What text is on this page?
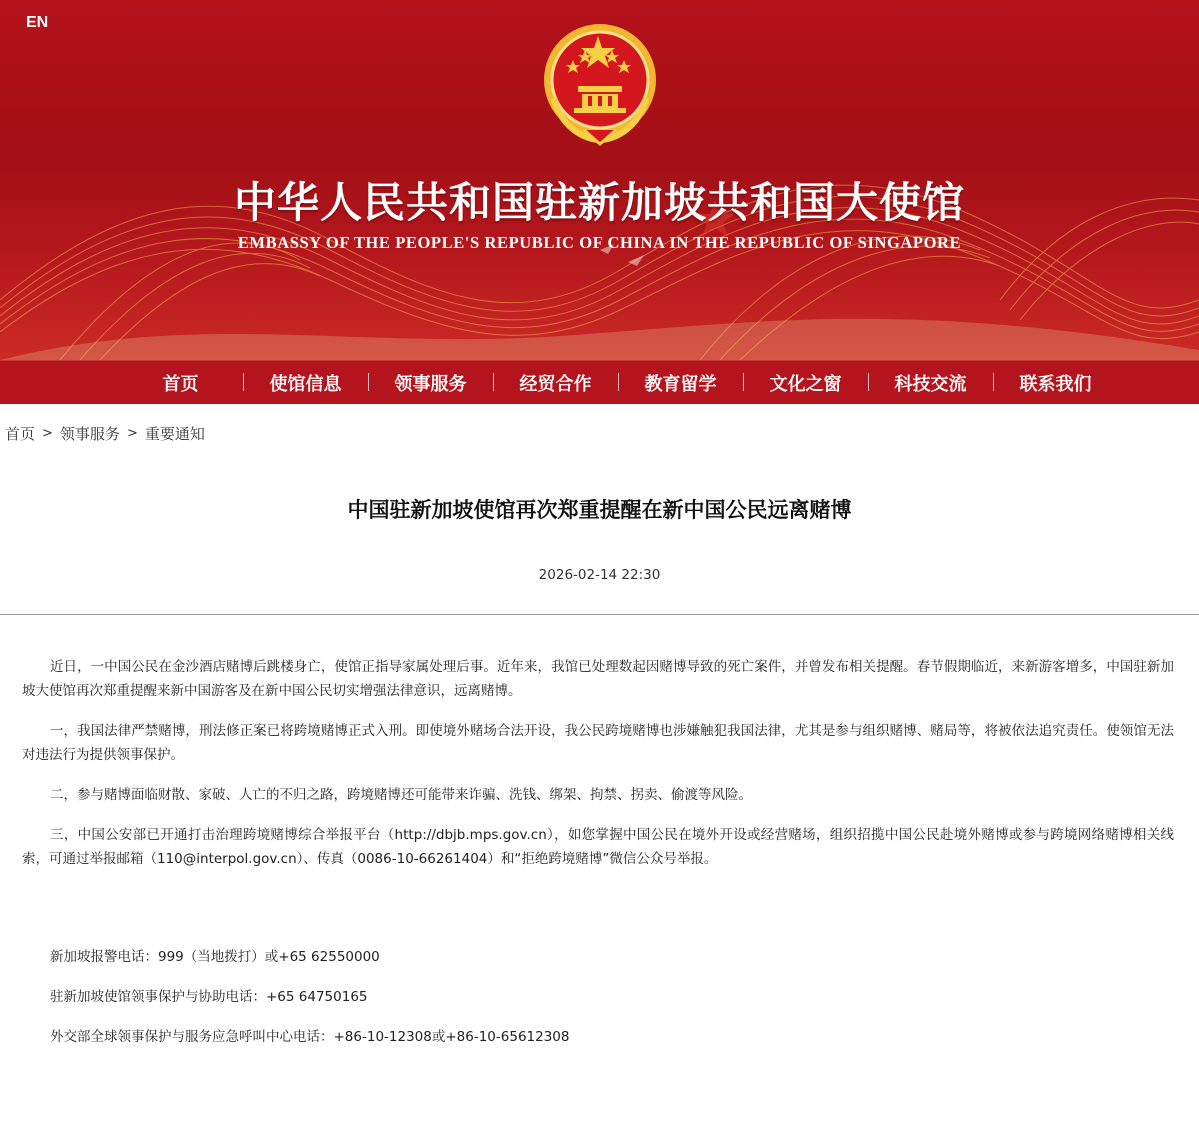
EN
中华人民共和国驻新加坡共和国大使馆
EMBASSY OF THE PEOPLE'S REPUBLIC OF CHINA IN THE REPUBLIC OF SINGAPORE
首页	使馆信息	领事服务	经贸合作	教育留学	文化之窗	科技交流	联系我们
首页 > 领事服务 > 重要通知
中国驻新加坡使馆再次郑重提醒在新中国公民远离赌博
2026-02-14 22:30

近日，一中国公民在金沙酒店赌博后跳楼身亡，使馆正指导家属处理后事。近年来，我馆已处理数起因赌博导致的死亡案件，并曾发布相关提醒。春节假期临近，来新游客增多，中国驻新加坡大使馆再次郑重提醒来新中国游客及在新中国公民切实增强法律意识，远离赌博。

一，我国法律严禁赌博，刑法修正案已将跨境赌博正式入刑。即使境外赌场合法开设，我公民跨境赌博也涉嫌触犯我国法律，尤其是参与组织赌博、赌局等，将被依法追究责任。使领馆无法对违法行为提供领事保护。

二，参与赌博面临财散、家破、人亡的不归之路，跨境赌博还可能带来诈骗、洗钱、绑架、拘禁、拐卖、偷渡等风险。

三，中国公安部已开通打击治理跨境赌博综合举报平台（http://dbjb.mps.gov.cn），如您掌握中国公民在境外开设或经营赌场，组织招揽中国公民赴境外赌博或参与跨境网络赌博相关线索，可通过举报邮箱（110@interpol.gov.cn）、传真（0086-10-66261404）和“拒绝跨境赌博”微信公众号举报。

新加坡报警电话：999（当地拨打）或+65 62550000
驻新加坡使馆领事保护与协助电话：+65 64750165
外交部全球领事保护与服务应急呼叫中心电话：+86-10-12308或+86-10-65612308
